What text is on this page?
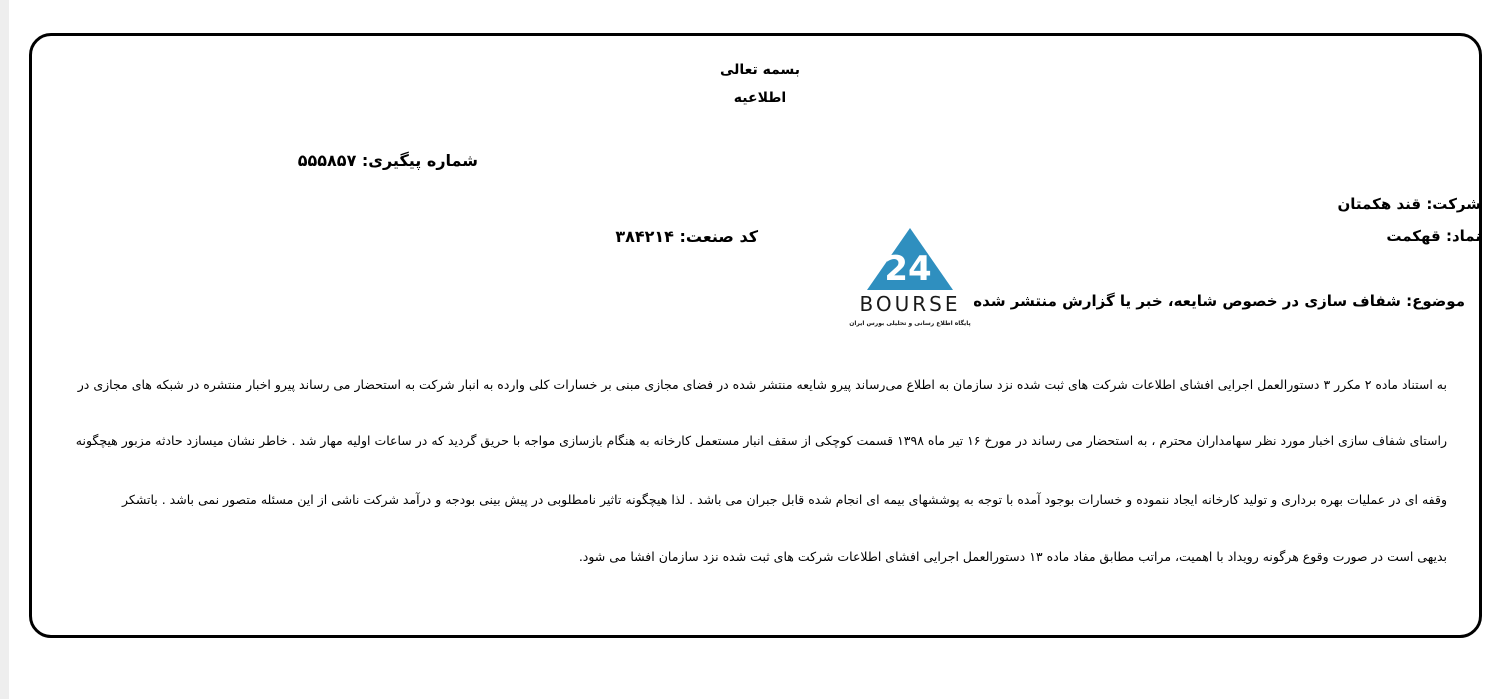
بسمه تعالی
اطلاعیه
شماره پیگیری: ۵۵۵۸۵۷
شرکت: قند هکمتان
نماد: قهکمت
کد صنعت: ۳۸۴۲۱۴
موضوع: شفاف سازی در خصوص شایعه، خبر یا گزارش منتشر شده
24
BOURSE
پایگاه اطلاع رسانی و تحلیلی بورس ایران
به استناد ماده ۲ مکرر ۳ دستورالعمل اجرایی افشای اطلاعات شرکت های ثبت شده نزد سازمان به اطلاع می‌رساند پیرو شایعه منتشر شده در فضای مجازی مبنی بر خسارات کلی وارده به انبار شرکت به استحضار می رساند پیرو اخبار منتشره در شبکه های مجازی در
راستای شفاف سازی اخبار مورد نظر سهامداران محترم ، به استحضار می رساند در مورخ ۱۶ تیر ماه ۱۳۹۸ قسمت کوچکی از سقف انبار مستعمل کارخانه به هنگام بازسازی مواجه با حریق گردید که در ساعات اولیه مهار شد . خاطر نشان میسازد حادثه مزبور هیچگونه
وقفه ای در عملیات بهره برداری و تولید کارخانه ایجاد ننموده و خسارات بوجود آمده با توجه به پوششهای بیمه ای انجام شده قابل جبران می باشد . لذا هیچگونه تاثیر نامطلوبی در پیش بینی بودجه و درآمد شرکت ناشی از این مسئله متصور نمی باشد . باتشکر
بدیهی است در صورت وقوع هرگونه رویداد با اهمیت، مراتب مطابق مفاد ماده ۱۳ دستورالعمل اجرایی افشای اطلاعات شرکت های ثبت شده نزد سازمان افشا می شود.
